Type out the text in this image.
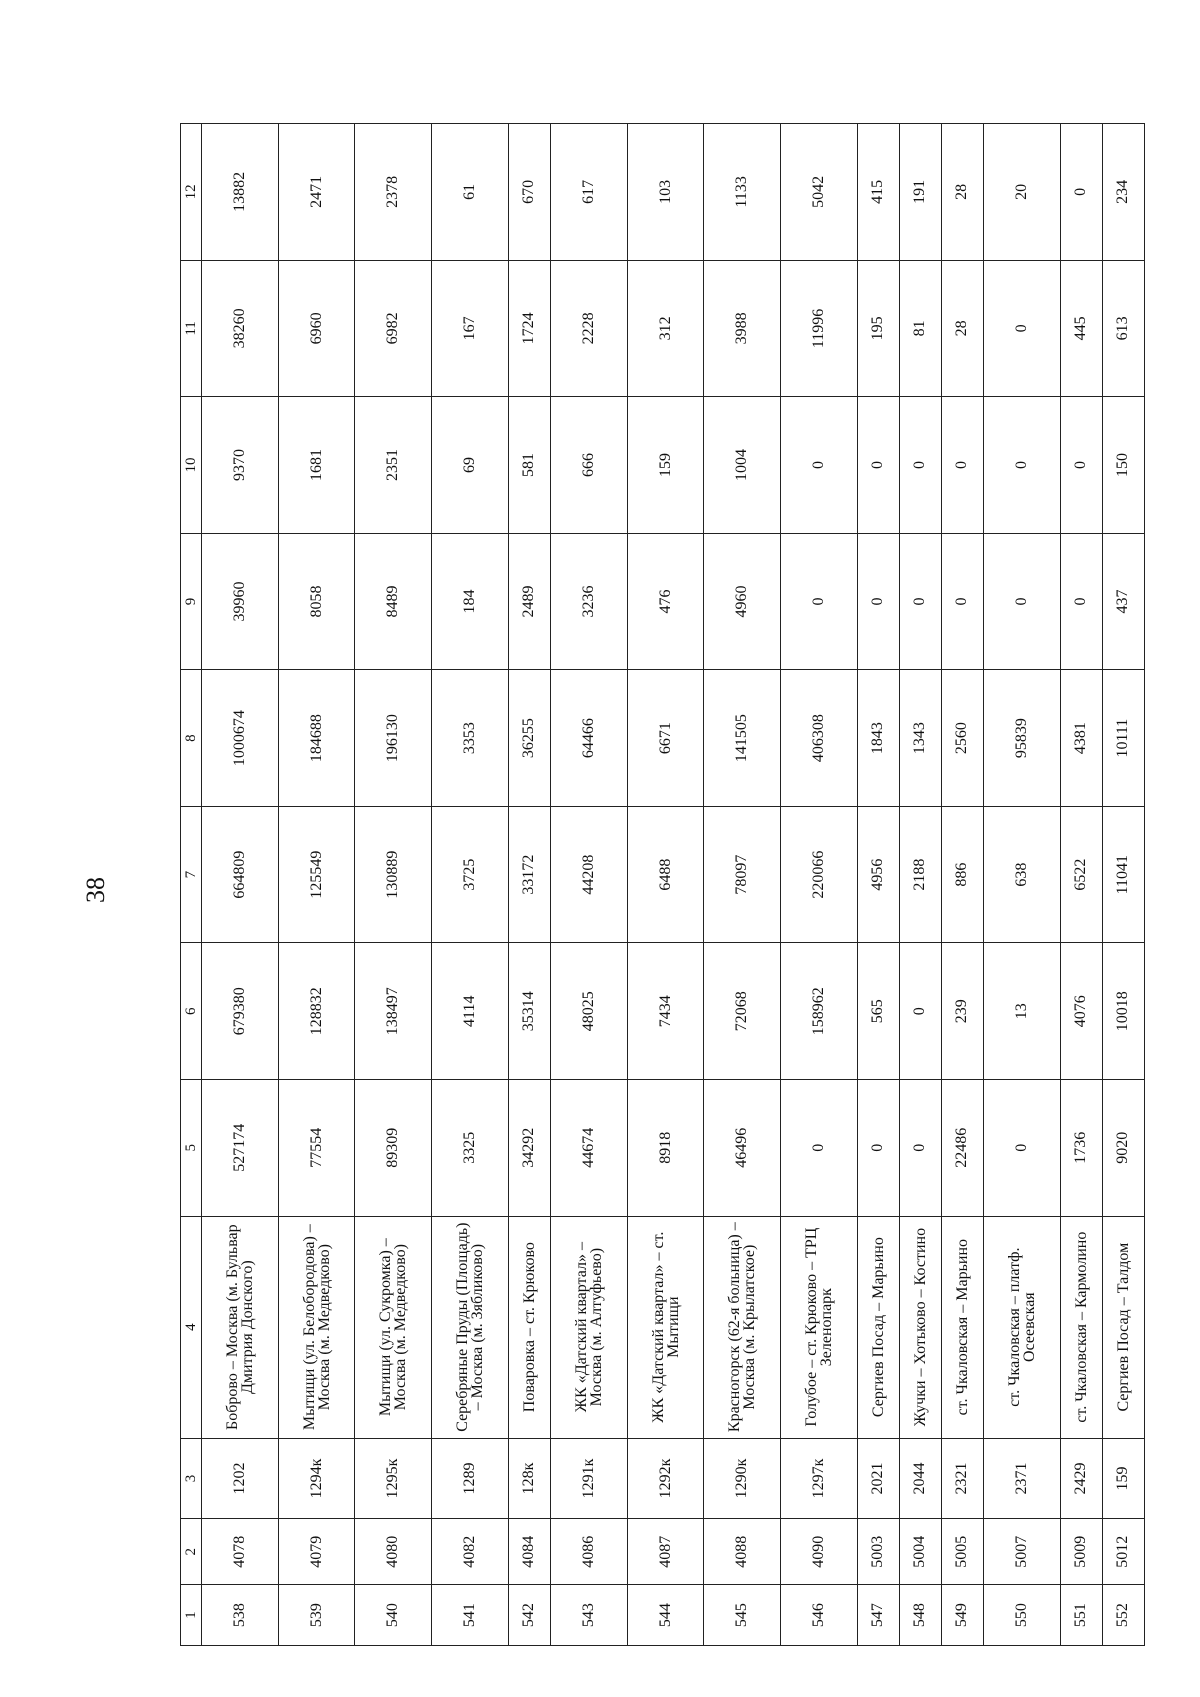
38
1	2	3	4	5	6	7	8	9	10	11	12
538	4078	1202	Боброво – Москва (м. Бульвар Дмитрия Донского)	527174	679380	664809	1000674	39960	9370	38260	13882
539	4079	1294к	Мытищи (ул. Белобородова) – Москва (м. Медведково)	77554	128832	125549	184688	8058	1681	6960	2471
540	4080	1295к	Мытищи (ул. Сукромка) – Москва (м. Медведково)	89309	138497	130889	196130	8489	2351	6982	2378
541	4082	1289	Серебряные Пруды (Площадь) – Москва (м. Зябликово)	3325	4114	3725	3353	184	69	167	61
542	4084	128к	Поваровка – ст. Крюково	34292	35314	33172	36255	2489	581	1724	670
543	4086	1291к	ЖК «Датский квартал» – Москва (м. Алтуфьево)	44674	48025	44208	64466	3236	666	2228	617
544	4087	1292к	ЖК «Датский квартал» – ст. Мытищи	8918	7434	6488	6671	476	159	312	103
545	4088	1290к	Красногорск (62-я больница) – Москва (м. Крылатское)	46496	72068	78097	141505	4960	1004	3988	1133
546	4090	1297к	Голубое – ст. Крюково – ТРЦ Зеленопарк	0	158962	220066	406308	0	0	11996	5042
547	5003	2021	Сергиев Посад – Марьино	0	565	4956	1843	0	0	195	415
548	5004	2044	Жучки – Хотьково – Костино	0	0	2188	1343	0	0	81	191
549	5005	2321	ст. Чкаловская – Марьино	22486	239	886	2560	0	0	28	28
550	5007	2371	ст. Чкаловская – платф. Осеевская	0	13	638	95839	0	0	0	20
551	5009	2429	ст. Чкаловская – Кармолино	1736	4076	6522	4381	0	0	445	0
552	5012	159	Сергиев Посад – Талдом	9020	10018	11041	10111	437	150	613	234
